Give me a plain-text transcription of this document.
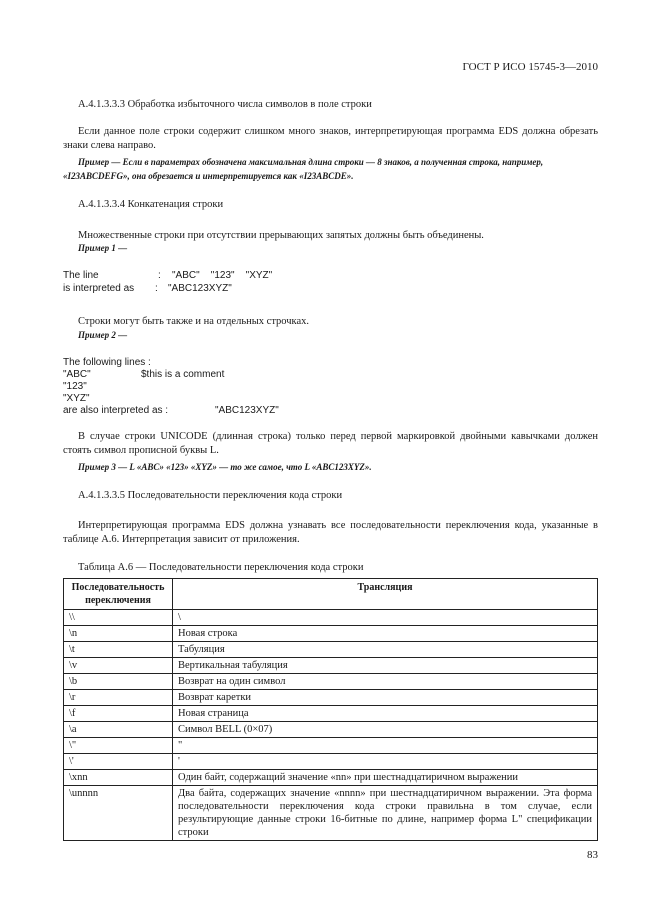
ГОСТ Р ИСО 15745-3—2010
А.4.1.3.3.3 Обработка избыточного числа символов в поле строки
Если данное поле строки содержит слишком много знаков, интерпретирующая программа EDS должна обрезать знаки слева направо.
Пример — Если в параметрах обозначена максимальная длина строки — 8 знаков, а полученная строка, например,
«I23ABCDEFG», она обрезается и интерпретируется как «I23ABCDE».
А.4.1.3.3.4 Конкатенация строки
Множественные строки при отсутствии прерывающих запятых должны быть объединены.
Пример 1 —
The line	: "ABC"    "123"    "XYZ"
is interpreted as : "ABC123XYZ"
Строки могут быть также и на отдельных строчках.
Пример 2 —
The following lines :
"ABC"	$this is a comment
"123"
"XYZ"
are also interpreted as :	"ABC123XYZ"
В случае строки UNICODE (длинная строка) только перед первой маркировкой двойными кавычками должен стоять символ прописной буквы L.
Пример 3 — L «ABC» «123» «XYZ» — то же самое, что L «ABC123XYZ».
А.4.1.3.3.5 Последовательности переключения кода строки
Интерпретирующая программа EDS должна узнавать все последовательности переключения кода, указанные в таблице А.6. Интерпретация зависит от приложения.
Таблица А.6 — Последовательности переключения кода строки
Последовательность переключения	Трансляция
\\	\
\n	Новая строка
\t	Табуляция
\v	Вертикальная табуляция
\b	Возврат на один символ
\r	Возврат каретки
\f	Новая страница
\a	Символ BELL (0×07)
\"	"
\'	'
\xnn	Один байт, содержащий значение «nn» при шестнадцатиричном выражении
\unnnn	Два байта, содержащих значение «nnnn» при шестнадцатиричном выражении. Эта форма последовательности переключения кода строки правильна в том случае, если результирующие данные строки 16-битные по длине, например форма L" спецификации строки
83
